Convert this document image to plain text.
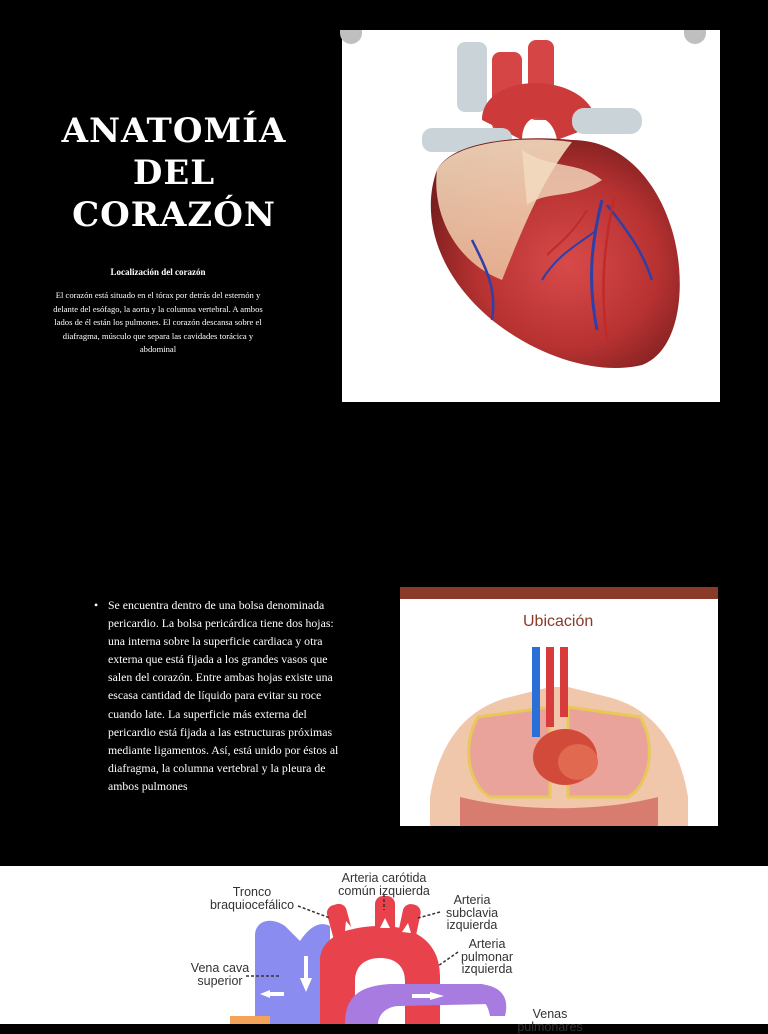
ANATOMÍA
DEL
CORAZÓN
Localización del corazón
El corazón está situado en el tórax por detrás del esternón y delante del esófago, la aorta y la columna vertebral. A ambos lados de él están los pulmones. El corazón descansa sobre el diafragma, músculo que separa las cavidades torácica y abdominal
• Se encuentra dentro de una bolsa denominada pericardio. La bolsa pericárdica tiene dos hojas: una interna sobre la superficie cardiaca y otra externa que está fijada a los grandes vasos que salen del corazón. Entre ambas hojas existe una escasa cantidad de líquido para evitar su roce cuando late. La superficie más externa del pericardio está fijada a las estructuras próximas mediante ligamentos. Así, está unido por éstos al diafragma, la columna vertebral y la pleura de ambos pulmones
Ubicación
Tronco
braquiocefálico
Arteria carótida
común izquierda
Arteria
subclavia
izquierda
Arteria
pulmonar
izquierda
Vena cava
superior
Aorta
Venas
pulmonares
